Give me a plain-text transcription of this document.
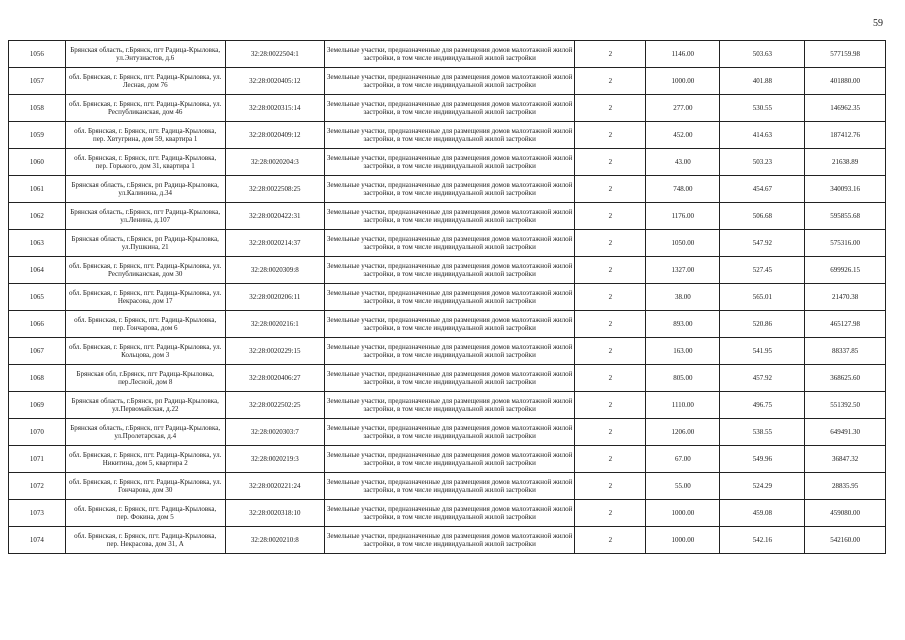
59
1056	Брянская область, г.Брянск, пгт Радица-Крыловка, ул.Энтузиастов, д.6	32:28:0022504:1	Земельные участки, предназначенные для размещения домов малоэтажной жилой застройки, в том числе индивидуальной жилой застройки	2	1146.00	503.63	577159.98
1057	обл. Брянская, г. Брянск, пгт. Радица-Крыловка, ул. Лесная, дом 76	32:28:0020405:12	Земельные участки, предназначенные для размещения домов малоэтажной жилой застройки, в том числе индивидуальной жилой застройки	2	1000.00	401.88	401880.00
1058	обл. Брянская, г. Брянск, пгт. Радица-Крыловка, ул. Республиканская, дом 46	32:28:0020315:14	Земельные участки, предназначенные для размещения домов малоэтажной жилой застройки, в том числе индивидуальной жилой застройки	2	277.00	530.55	146962.35
1059	обл. Брянская, г. Брянск, пгт. Радица-Крыловка, пер. Хвтугрина, дом 59, квартира 1	32:28:0020409:12	Земельные участки, предназначенные для размещения домов малоэтажной жилой застройки, в том числе индивидуальной жилой застройки	2	452.00	414.63	187412.76
1060	обл. Брянская, г. Брянск, пгт. Радица-Крыловка, пер. Горького, дом 31, квартира 1	32:28:0020204:3	Земельные участки, предназначенные для размещения домов малоэтажной жилой застройки, в том числе индивидуальной жилой застройки	2	43.00	503.23	21638.89
1061	Брянская область, г.Брянск, рп Радица-Крыловка, ул.Калинина, д.34	32:28:0022508:25	Земельные участки, предназначенные для размещения домов малоэтажной жилой застройки, в том числе индивидуальной жилой застройки	2	748.00	454.67	340093.16
1062	Брянская область, г.Брянск, пгт Радица-Крыловка, ул.Ленина, д.107	32:28:0020422:31	Земельные участки, предназначенные для размещения домов малоэтажной жилой застройки, в том числе индивидуальной жилой застройки	2	1176.00	506.68	595855.68
1063	Брянская область, г.Брянск, рп Радица-Крыловка, ул.Пушкина, 21	32:28:0020214:37	Земельные участки, предназначенные для размещения домов малоэтажной жилой застройки, в том числе индивидуальной жилой застройки	2	1050.00	547.92	575316.00
1064	обл. Брянская, г. Брянск, пгт. Радица-Крыловка, ул. Республиканская, дом 30	32:28:0020309:8	Земельные участки, предназначенные для размещения домов малоэтажной жилой застройки, в том числе индивидуальной жилой застройки	2	1327.00	527.45	699926.15
1065	обл. Брянская, г. Брянск, пгт. Радица-Крыловка, ул. Некрасова, дом 17	32:28:0020206:11	Земельные участки, предназначенные для размещения домов малоэтажной жилой застройки, в том числе индивидуальной жилой застройки	2	38.00	565.01	21470.38
1066	обл. Брянская, г. Брянск, пгт. Радица-Крыловка, пер. Гончарова, дом 6	32:28:0020216:1	Земельные участки, предназначенные для размещения домов малоэтажной жилой застройки, в том числе индивидуальной жилой застройки	2	893.00	520.86	465127.98
1067	обл. Брянская, г. Брянск, пгт. Радица-Крыловка, ул. Кольцова, дом 3	32:28:0020229:15	Земельные участки, предназначенные для размещения домов малоэтажной жилой застройки, в том числе индивидуальной жилой застройки	2	163.00	541.95	88337.85
1068	Брянская обл, г.Брянск, пгт Радица-Крыловка, пер.Лесной, дом 8	32:28:0020406:27	Земельные участки, предназначенные для размещения домов малоэтажной жилой застройки, в том числе индивидуальной жилой застройки	2	805.00	457.92	368625.60
1069	Брянская область, г.Брянск, рп Радица-Крыловка, ул.Первомайская, д.22	32:28:0022502:25	Земельные участки, предназначенные для размещения домов малоэтажной жилой застройки, в том числе индивидуальной жилой застройки	2	1110.00	496.75	551392.50
1070	Брянская область, г.Брянск, пгт Радица-Крыловка, ул.Пролетарская, д.4	32:28:0020303:7	Земельные участки, предназначенные для размещения домов малоэтажной жилой застройки, в том числе индивидуальной жилой застройки	2	1206.00	538.55	649491.30
1071	обл. Брянская, г. Брянск, пгт. Радица-Крыловка, ул. Никитина, дом 5, квартира 2	32:28:0020219:3	Земельные участки, предназначенные для размещения домов малоэтажной жилой застройки, в том числе индивидуальной жилой застройки	2	67.00	549.96	36847.32
1072	обл. Брянская, г. Брянск, пгт. Радица-Крыловка, ул. Гончарова, дом 30	32:28:0020221:24	Земельные участки, предназначенные для размещения домов малоэтажной жилой застройки, в том числе индивидуальной жилой застройки	2	55.00	524.29	28835.95
1073	обл. Брянская, г. Брянск, пгт. Радица-Крыловка, пер. Фокина, дом 5	32:28:0020318:10	Земельные участки, предназначенные для размещения домов малоэтажной жилой застройки, в том числе индивидуальной жилой застройки	2	1000.00	459.08	459080.00
1074	обл. Брянская, г. Брянск, пгт. Радица-Крыловка, пер. Некрасова, дом 31, А	32:28:0020210:8	Земельные участки, предназначенные для размещения домов малоэтажной жилой застройки, в том числе индивидуальной жилой застройки	2	1000.00	542.16	542160.00
